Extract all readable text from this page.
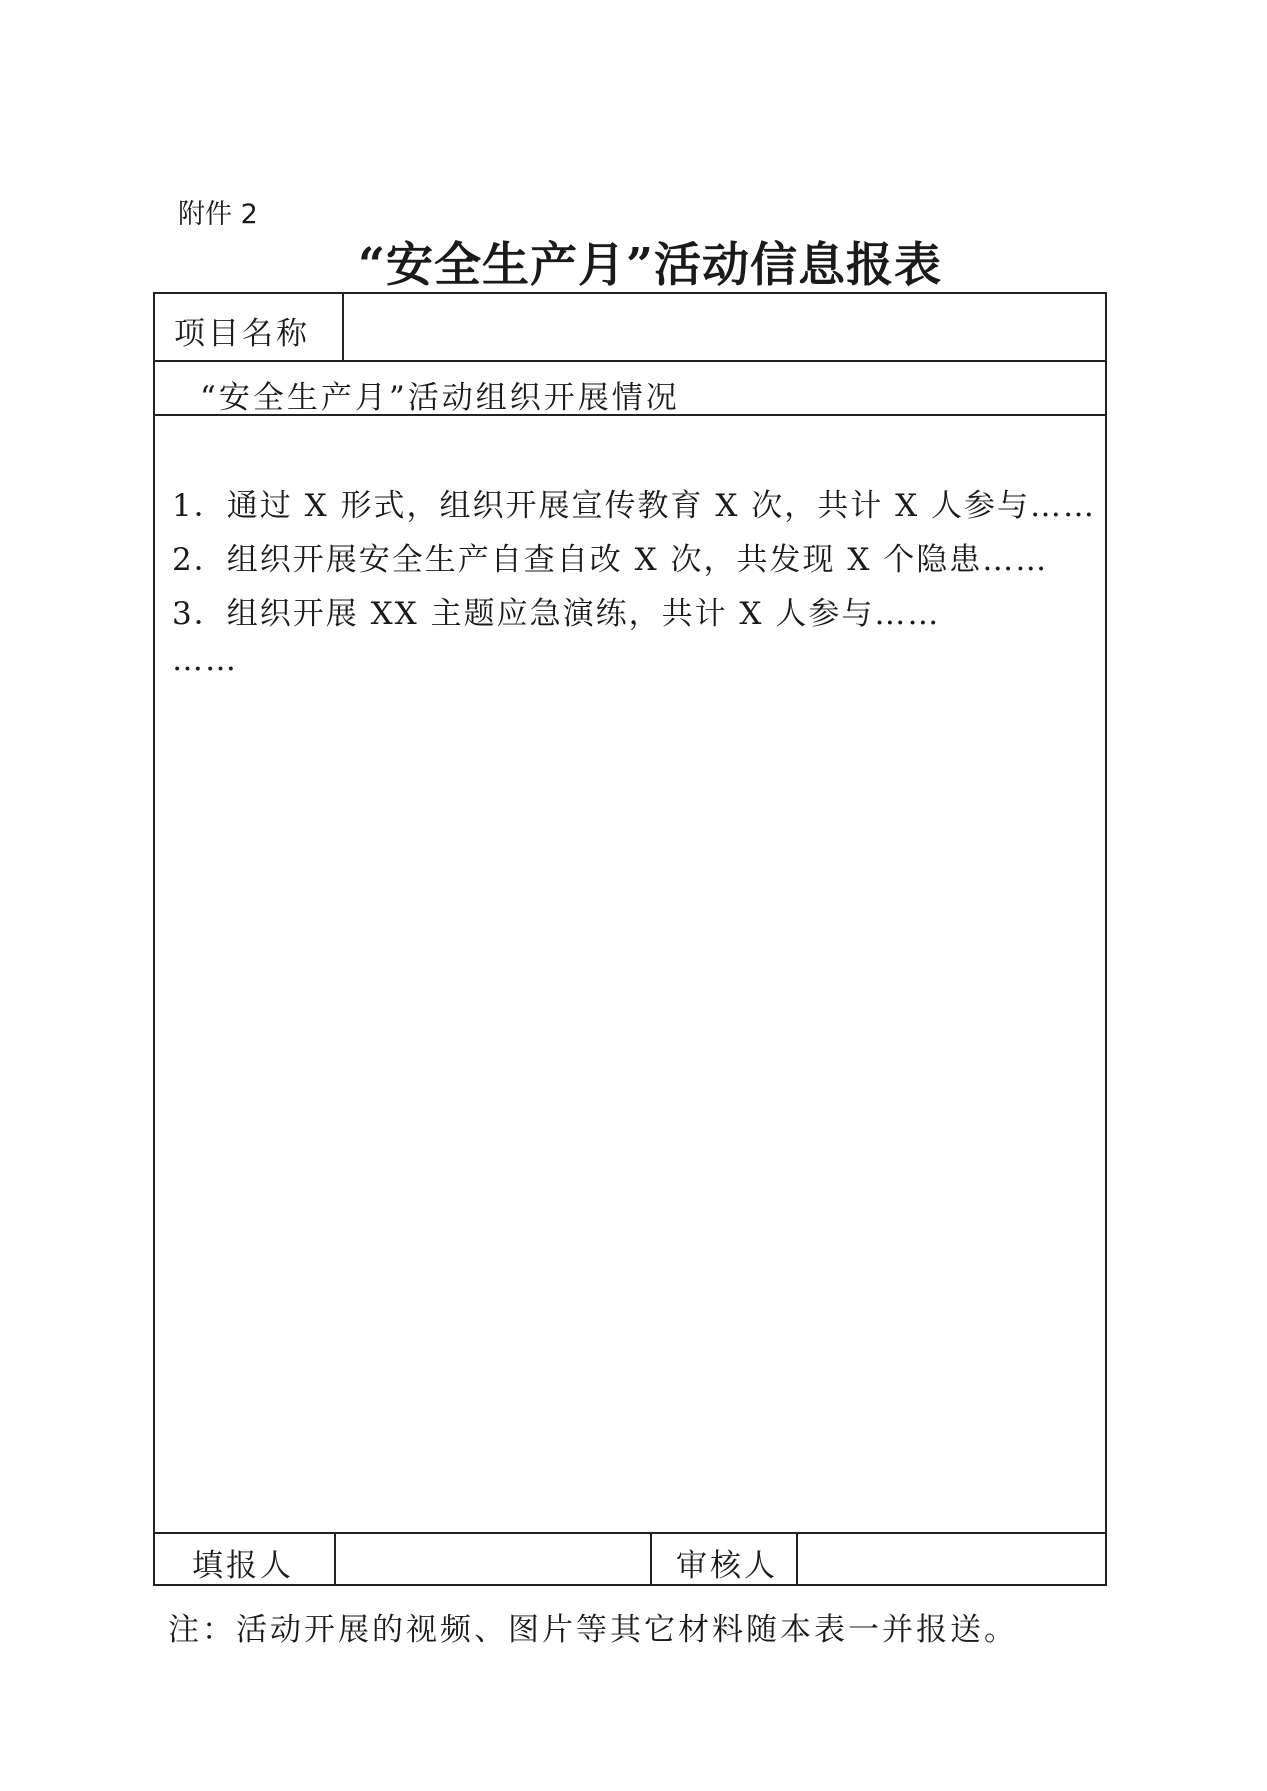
附件 2
“安全生产月”活动信息报表
项目名称
“安全生产月”活动组织开展情况
1．通过 X 形式，组织开展宣传教育 X 次，共计 X 人参与……
2．组织开展安全生产自查自改 X 次，共发现 X 个隐患……
3．组织开展 XX 主题应急演练，共计 X 人参与……
……
填报人	审核人
注：活动开展的视频、图片等其它材料随本表一并报送。
